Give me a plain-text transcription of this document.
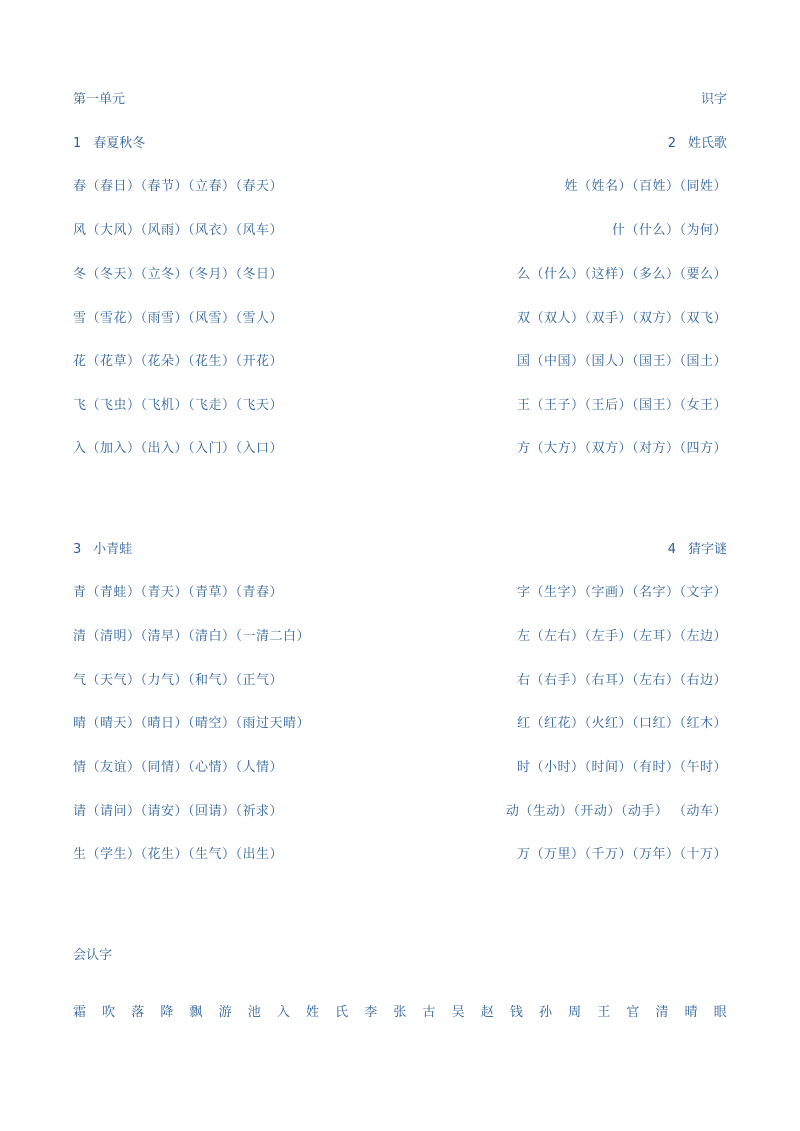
第一单元	识字
1 春夏秋冬
春（春日）（春节）（立春）（春天）
风（大风）（风雨）（风衣）（风车）
冬（冬天）（立冬）（冬月）（冬日）
雪（雪花）（雨雪）（风雪）（雪人）
花（花草）（花朵）（花生）（开花）
飞（飞虫）（飞机）（飞走）（飞天）
入（加入）（出入）（入门）（入口）
2 姓氏歌
姓（姓名）（百姓）（同姓）
什（什么）（为何）
么（什么）（这样）（多么）（要么）
双（双人）（双手）（双方）（双飞）
国（中国）（国人）（国王）（国土）
王（王子）（王后）（国王）（女王）
方（大方）（双方）（对方）（四方）
3 小青蛙
青（青蛙）（青天）（青草）（青春）
清（清明）（清早）（清白）（一清二白）
气（天气）（力气）（和气）（正气）
晴（晴天）（晴日）（晴空）（雨过天晴）
情（友谊）（同情）（心情）（人情）
请（请问）（请安）（回请）（祈求）
生（学生）（花生）（生气）（出生）
4 猜字谜
字（生字）（字画）（名字）（文字）
左（左右）（左手）（左耳）（左边）
右（右手）（右耳）（左右）（右边）
红（红花）（火红）（口红）（红木）
时（小时）（时间）（有时）（午时）
动（生动）（开动）（动手） （动车）
万（万里）（千万）（万年）（十万）
会认字
霜 吹 落 降 飘 游 池 入 姓 氏 李 张 古 吴 赵 钱 孙 周 王 官 清 晴 眼
